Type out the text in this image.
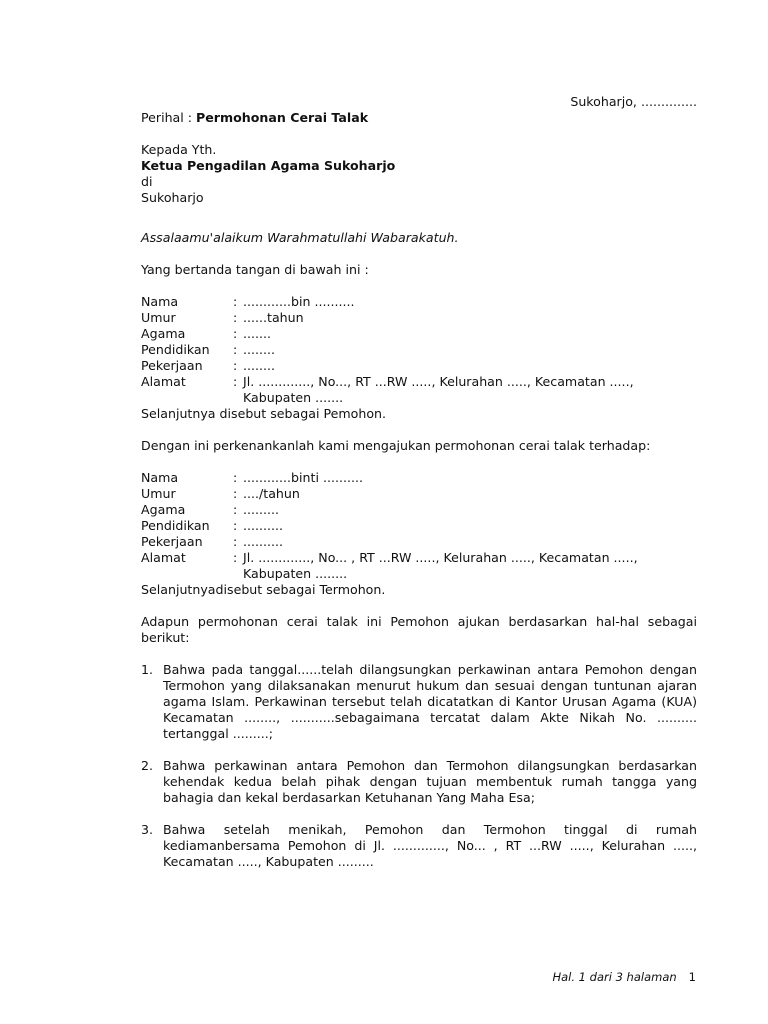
Sukoharjo, ..............
Perihal : Permohonan Cerai Talak
Kepada Yth.
Ketua Pengadilan Agama Sukoharjo
di
Sukoharjo
Assalaamu'alaikum Warahmatullahi Wabarakatuh.
Yang bertanda tangan di bawah ini :
Nama	: ............bin ..........
Umur	: ......tahun
Agama	: .......
Pendidikan	: ........
Pekerjaan	: ........
Alamat	: Jl. ............., No..., RT ...RW ....., Kelurahan ....., Kecamatan .....,
Kabupaten .......
Selanjutnya disebut sebagai Pemohon.
Dengan ini perkenankanlah kami mengajukan permohonan cerai talak terhadap:
Nama	: ............binti ..........
Umur	: ..../tahun
Agama	: .........
Pendidikan	: ..........
Pekerjaan	: ..........
Alamat	: Jl. ............., No... , RT ...RW ....., Kelurahan ....., Kecamatan .....,
Kabupaten ........
Selanjutnyadisebut sebagai Termohon.
Adapun permohonan cerai talak ini Pemohon ajukan berdasarkan hal-hal sebagai berikut:
1. Bahwa pada tanggal......telah dilangsungkan perkawinan antara Pemohon dengan Termohon yang dilaksanakan menurut hukum dan sesuai dengan tuntunan ajaran agama Islam. Perkawinan tersebut telah dicatatkan di Kantor Urusan Agama (KUA) Kecamatan ........, ...........sebagaimana tercatat dalam Akte Nikah No. .......... tertanggal .........;
2. Bahwa perkawinan antara Pemohon dan Termohon dilangsungkan berdasarkan kehendak kedua belah pihak dengan tujuan membentuk rumah tangga yang bahagia dan kekal berdasarkan Ketuhanan Yang Maha Esa;
3. Bahwa setelah menikah, Pemohon dan Termohon tinggal di rumah kediamanbersama Pemohon di Jl. ............., No... , RT ...RW ....., Kelurahan ....., Kecamatan ....., Kabupaten .........
Hal. 1 dari 3 halaman 1
